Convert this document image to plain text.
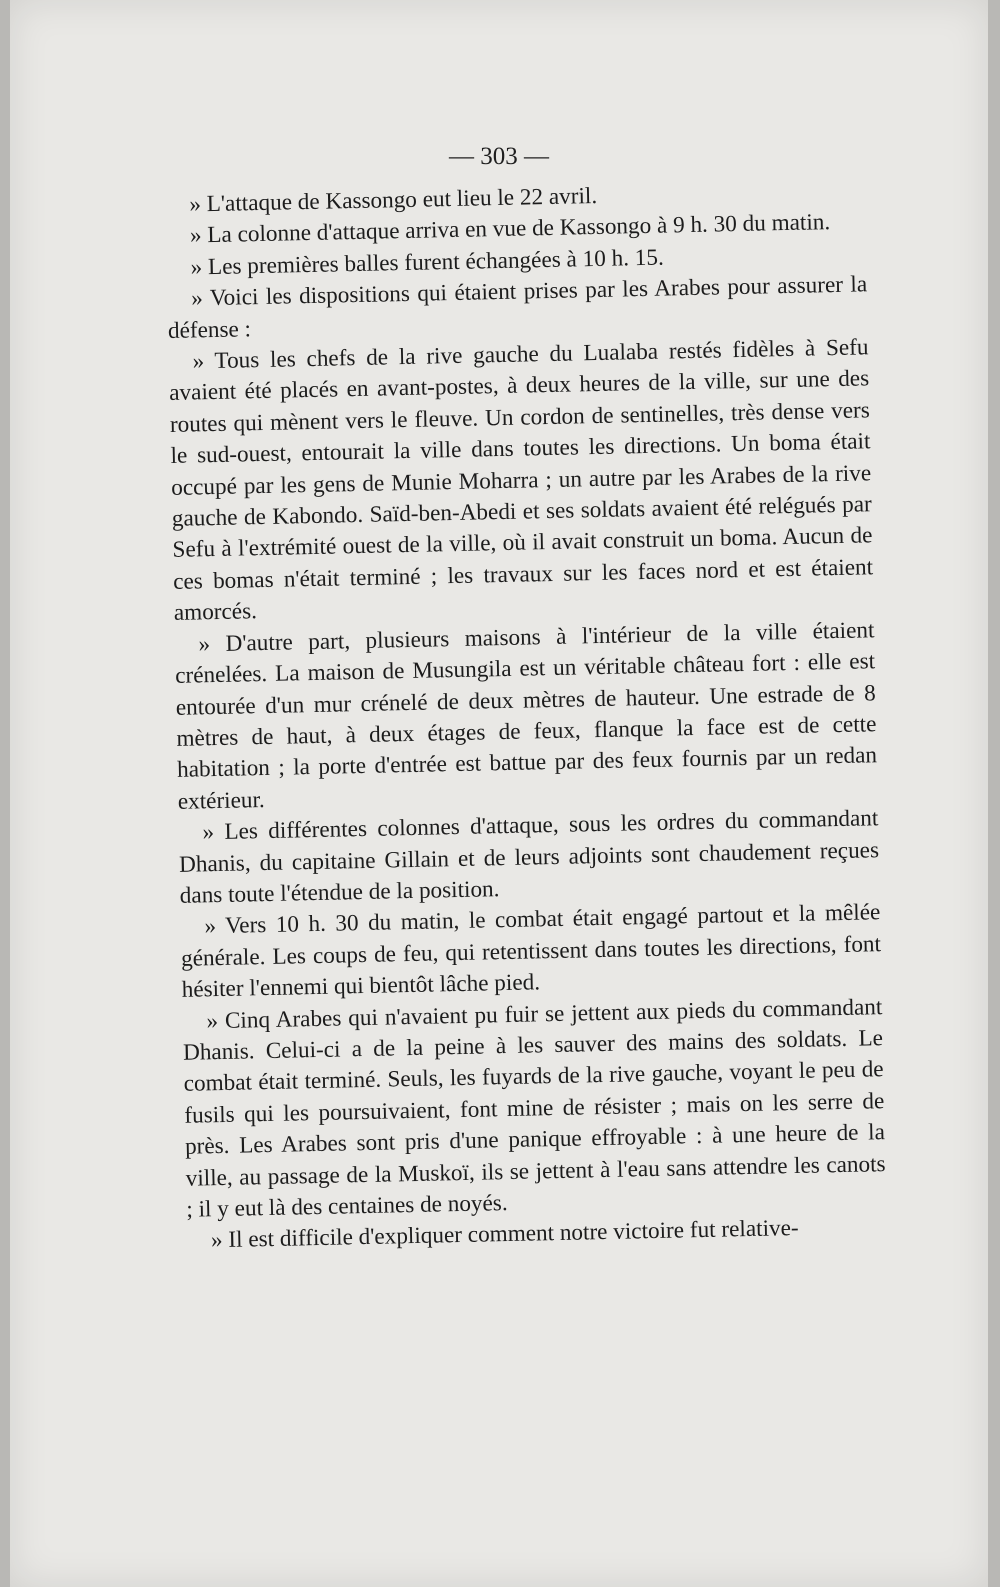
— 303 —

» L'attaque de Kassongo eut lieu le 22 avril.

» La colonne d'attaque arriva en vue de Kassongo à 9 h. 30 du matin.

» Les premières balles furent échangées à 10 h. 15.

» Voici les dispositions qui étaient prises par les Arabes pour assurer la défense :

» Tous les chefs de la rive gauche du Lualaba restés fidèles à Sefu avaient été placés en avant-postes, à deux heures de la ville, sur une des routes qui mènent vers le fleuve. Un cordon de sentinelles, très dense vers le sud-ouest, entourait la ville dans toutes les directions. Un boma était occupé par les gens de Munie Moharra ; un autre par les Arabes de la rive gauche de Kabondo. Saïd-ben-Abedi et ses soldats avaient été relégués par Sefu à l'extrémité ouest de la ville, où il avait construit un boma. Aucun de ces bomas n'était terminé ; les travaux sur les faces nord et est étaient amorcés.

» D'autre part, plusieurs maisons à l'intérieur de la ville étaient crénelées. La maison de Musungila est un véritable château fort : elle est entourée d'un mur crénelé de deux mètres de hauteur. Une estrade de 8 mètres de haut, à deux étages de feux, flanque la face est de cette habitation ; la porte d'entrée est battue par des feux fournis par un redan extérieur.

» Les différentes colonnes d'attaque, sous les ordres du commandant Dhanis, du capitaine Gillain et de leurs adjoints sont chaudement reçues dans toute l'étendue de la position.

» Vers 10 h. 30 du matin, le combat était engagé partout et la mêlée générale. Les coups de feu, qui retentissent dans toutes les directions, font hésiter l'ennemi qui bientôt lâche pied.

» Cinq Arabes qui n'avaient pu fuir se jettent aux pieds du commandant Dhanis. Celui-ci a de la peine à les sauver des mains des soldats. Le combat était terminé. Seuls, les fuyards de la rive gauche, voyant le peu de fusils qui les poursuivaient, font mine de résister ; mais on les serre de près. Les Arabes sont pris d'une panique effroyable : à une heure de la ville, au passage de la Muskoï, ils se jettent à l'eau sans attendre les canots ; il y eut là des centaines de noyés.

» Il est difficile d'expliquer comment notre victoire fut relative-
